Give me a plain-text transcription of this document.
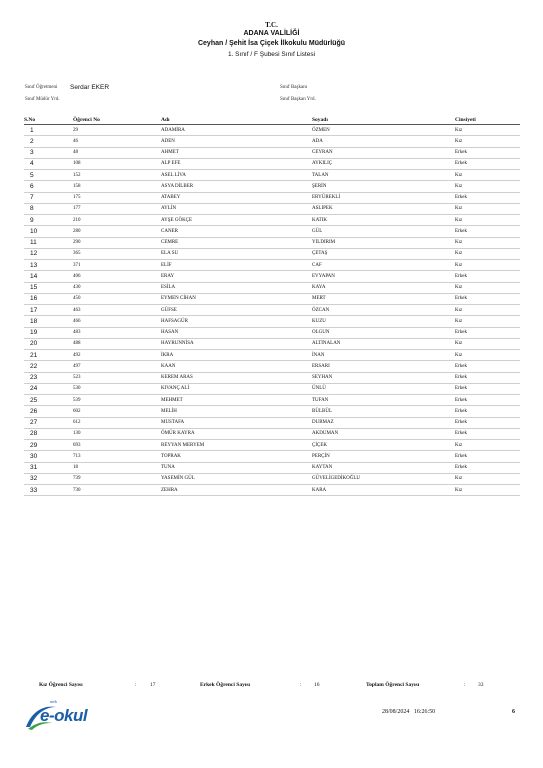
T.C.
ADANA VALİLİĞİ
Ceyhan / Şehit İsa Çiçek İlkokulu Müdürlüğü
1. Sınıf / F Şubesi Sınıf Listesi
Sınıf Öğretmeni Serdar EKER
Sınıf Müdür Yrd.
Sınıf Başkanı
Sınıf Başkan Yrd.
S.No	Öğrenci No	Adı	Soyadı	Cinsiyeti
1	29	ADAMİRA	ÖZMEN	Kız
2	46	ADEN	ADA	Kız
3	48	AHMET	CEYRAN	Erkek
4	108	ALP EFE	AYKILIÇ	Erkek
5	152	ASEL LİVA	TALAN	Kız
6	158	ASYA DİLBER	ŞERİN	Kız
7	175	ATABEY	ERYÜREKLİ	Erkek
8	177	AYLİN	ASLIPEK	Kız
9	210	AYŞE GÖKÇE	KATIK	Kız
10	280	CANER	GÜL	Erkek
11	290	CEMRE	YILDIRIM	Kız
12	365	ELA SU	ÇETAŞ	Kız
13	371	ELİF	CAF	Kız
14	406	ERAY	EVYAPAN	Erkek
15	430	ESİLA	KAYA	Kız
16	450	EYMEN CİHAN	MERT	Erkek
17	463	GÜFSE	ÖZCAN	Kız
18	466	HAFSAGÜR	KUZU	Kız
19	483	HASAN	OLGUN	Erkek
20	488	HAYRUNNİSA	ALTINALAN	Kız
21	492	İKRA	İNAN	Kız
22	497	KAAN	ERSARI	Erkek
23	523	KEREM ARAS	SEYHAN	Erkek
24	530	KIVANÇ ALİ	ÜNLÜ	Erkek
25	539	MEHMET	TUFAN	Erkek
26	602	MELİH	BÜLBÜL	Erkek
27	612	MUSTAFA	DURMAZ	Erkek
28	130	ÖMÜR KAYRA	AKDUMAN	Erkek
29	693	REYYAN MERYEM	ÇİÇEK	Kız
30	713	TOPRAK	PERÇİN	Erkek
31	18	TUNA	KAYTAN	Erkek
32	739	YASEMİN GÜL	GÜVELİGEDİKOĞLU	Kız
33	730	ZEHRA	KARA	Kız
Kız Öğrenci Sayısı	: 17	Erkek Öğrenci Sayısı	: 16	Toplam Öğrenci Sayısı	: 33
meb
e-okul	28/08/2024   16:26:50	6
